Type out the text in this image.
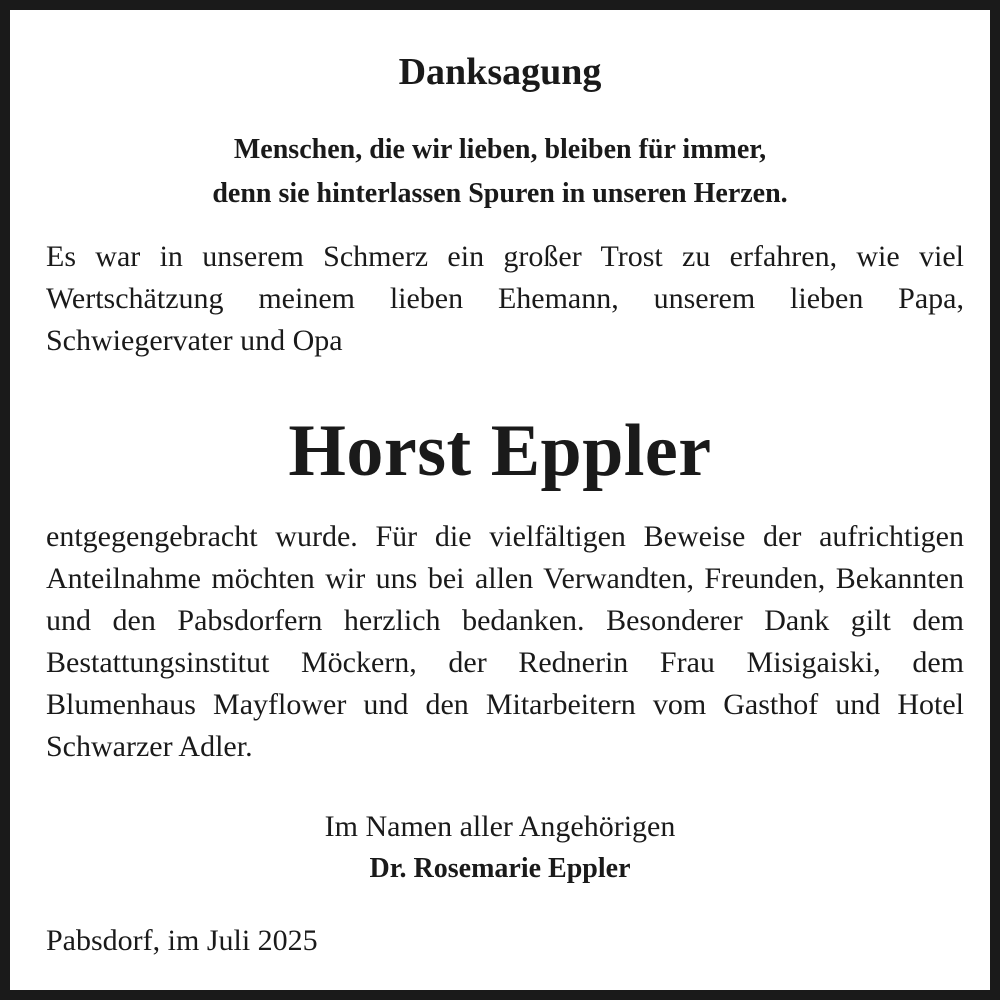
Danksagung
Menschen, die wir lieben, bleiben für immer,
denn sie hinterlassen Spuren in unseren Herzen.
Es war in unserem Schmerz ein großer Trost zu erfahren, wie viel Wertschätzung meinem lieben Ehemann, unserem lieben Papa, Schwiegervater und Opa
Horst Eppler
entgegengebracht wurde. Für die vielfältigen Beweise der aufrichtigen Anteilnahme möchten wir uns bei allen Verwandten, Freunden, Bekannten und den Pabsdorfern herzlich bedanken. Besonderer Dank gilt dem Bestattungsinstitut Möckern, der Rednerin Frau Misigaiski, dem Blumenhaus Mayflower und den Mitarbeitern vom Gasthof und Hotel Schwarzer Adler.
Im Namen aller Angehörigen
Dr. Rosemarie Eppler
Pabsdorf, im Juli 2025
